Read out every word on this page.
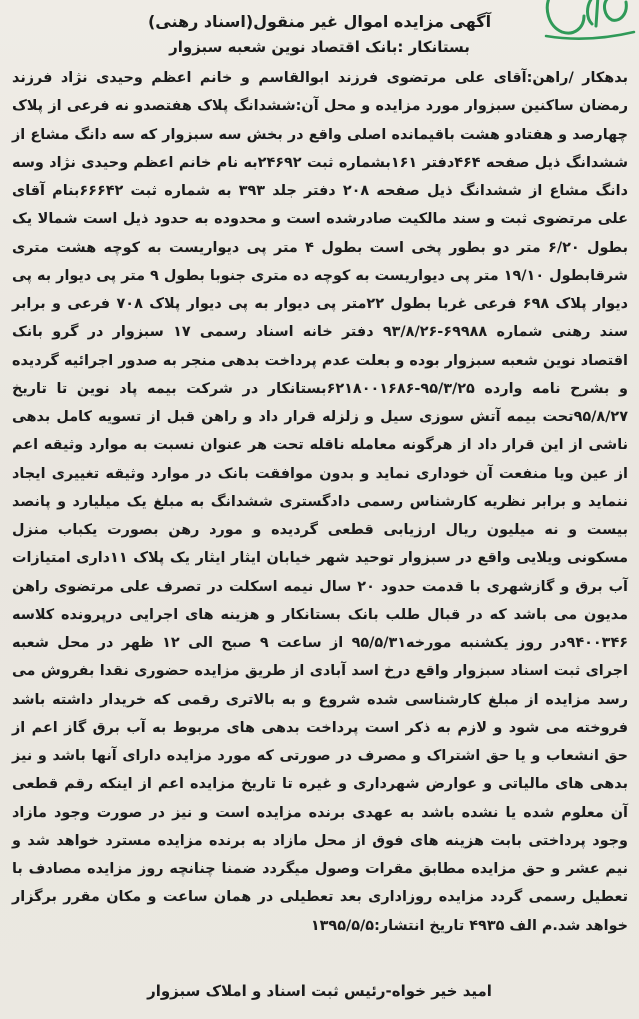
آگهی مزایده اموال غیر منقول(اسناد رهنی)
بستانکار :بانک اقتصاد نوین شعبه سبزوار

بدهکار /راهن:آقای علی مرتضوی فرزند ابوالقاسم و خانم اعظم وحیدی نژاد فرزند رمضان ساکنین سبزوار مورد مزایده و محل آن:ششدانگ پلاک هفتصدو نه فرعی از پلاک چهارصد و هفتادو هشت باقیمانده اصلی واقع در بخش سه سبزوار که سه دانگ مشاع از ششدانگ ذیل صفحه ۴۶۴دفتر ۱۶۱بشماره ثبت ۲۴۶۹۲به نام خانم اعظم وحیدی نژاد وسه دانگ مشاع از ششدانگ ذیل صفحه ۲۰۸ دفتر جلد ۳۹۳ به شماره ثبت ۶۶۶۴۲بنام آقای علی مرتضوی ثبت و سند مالکیت صادرشده است و محدوده به حدود ذیل است شمالا یک بطول ۶/۲۰ متر دو بطور پخی است بطول ۴ متر پی دیواریست به کوچه هشت متری شرقابطول ۱۹/۱۰ متر پی دیواریست به کوچه ده متری جنوبا بطول ۹ متر پی دیوار به پی دیوار پلاک ۶۹۸ فرعی غربا بطول ۲۲متر پی دیوار به پی دیوار پلاک ۷۰۸ فرعی و برابر سند رهنی شماره ۶۹۹۸۸-۹۳/۸/۲۶ دفتر خانه اسناد رسمی ۱۷ سبزوار در گرو بانک اقتصاد نوین شعبه سبزوار بوده و بعلت عدم پرداخت بدهی منجر به صدور اجرائیه گردیده و بشرح نامه وارده ۹۵/۳/۲۵-۶۲۱۸۰۰۱۶۸۶بستانکار در شرکت بیمه پاد نوین تا تاریخ ۹۵/۸/۲۷تحت بیمه آتش سوزی سیل و زلزله قرار داد و راهن قبل از تسویه کامل بدهی ناشی از این قرار داد از هرگونه معامله ناقله تحت هر عنوان نسبت به موارد وثیقه اعم از عین ویا منفعت آن خوداری نماید و بدون موافقت بانک در موارد وثیقه تغییری ایجاد ننماید و برابر نظریه کارشناس رسمی دادگستری ششدانگ به مبلغ یک میلیارد و پانصد بیست و نه میلیون ریال ارزیابی قطعی گردیده و مورد رهن بصورت یکباب منزل مسکونی ویلایی واقع در سبزوار توحید شهر خیابان ایثار ایثار یک پلاک ۱۱داری امتیازات آب برق و گازشهری با قدمت حدود ۲۰ سال نیمه اسکلت در تصرف علی مرتضوی راهن مدیون می باشد که در قبال طلب بانک بستانکار و هزینه های اجرایی درپرونده کلاسه ۹۴۰۰۳۴۶در روز یکشنبه مورخه۹۵/۵/۳۱ از ساعت ۹ صبح الی ۱۲ ظهر در محل شعبه اجرای ثبت اسناد سبزوار واقع درخ اسد آبادی از طریق مزایده حضوری نقدا بفروش می رسد مزایده از مبلغ کارشناسی شده شروع و به بالاتری رقمی که خریدار داشته باشد فروخته می شود و لازم به ذکر است پرداخت بدهی های مربوط به آب برق گاز اعم از حق انشعاب و یا حق اشتراک و مصرف در صورتی که مورد مزایده دارای آنها باشد و نیز بدهی های مالیاتی و عوارض شهرداری و غیره تا تاریخ مزایده اعم از اینکه رقم قطعی آن معلوم شده یا نشده باشد به عهدی برنده مزایده است و نیز در صورت وجود مازاد وجود پرداختی بابت هزینه های فوق از محل مازاد به برنده مزایده مسترد خواهد شد و نیم عشر و حق مزایده مطابق مقرات وصول میگردد ضمنا چنانچه روز مزایده مصادف با تعطیل رسمی گردد مزایده روزاداری بعد تعطیلی در همان ساعت و مکان مقرر برگزار خواهد شد.م الف ۴۹۳۵ تاریخ انتشار:۱۳۹۵/۵/۵

امید خیر خواه-رئیس ثبت اسناد و املاک سبزوار
